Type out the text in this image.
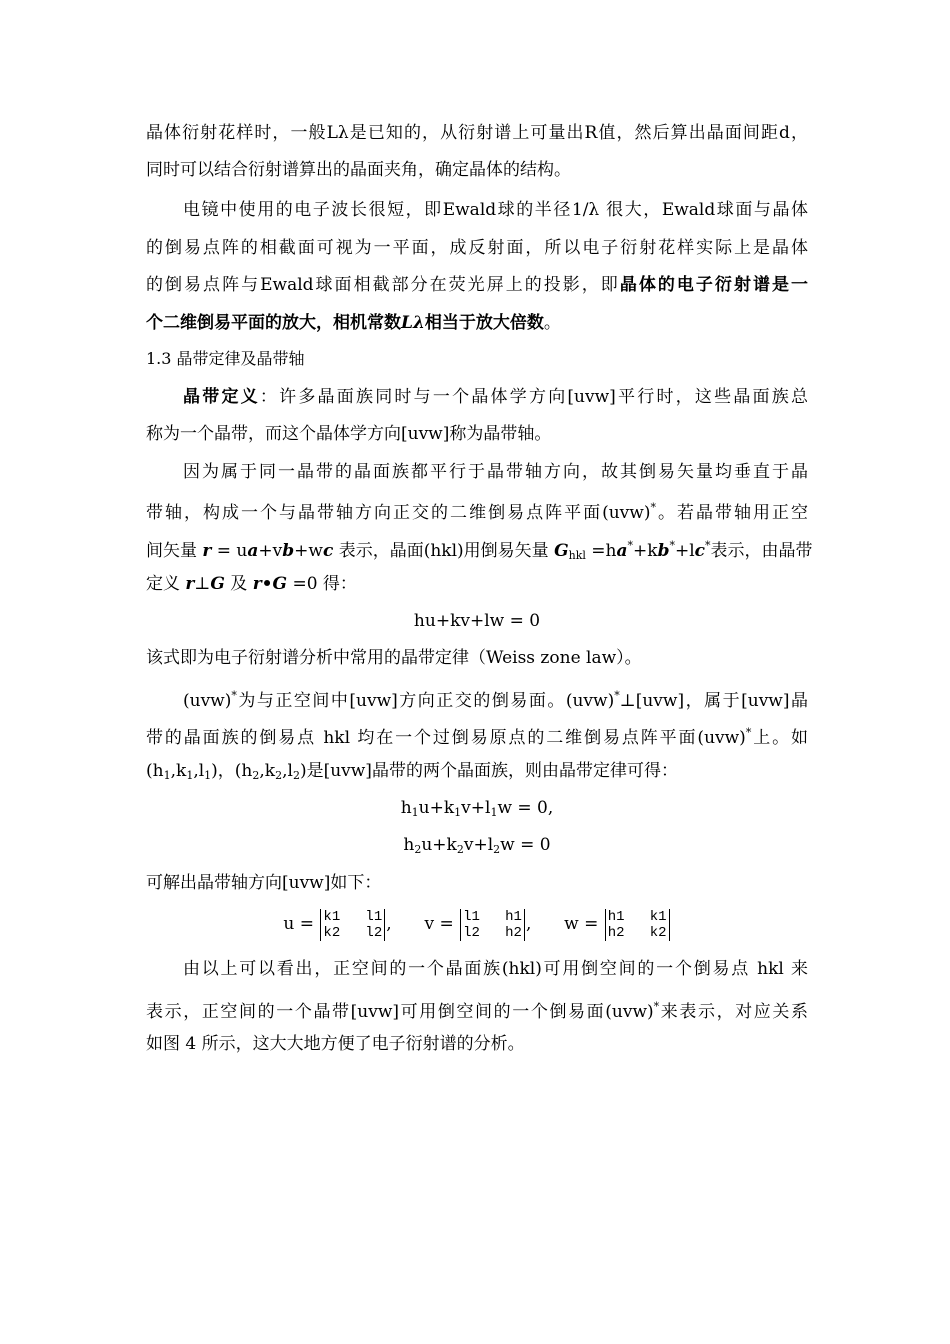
晶体衍射花样时，一般Lλ是已知的，从衍射谱上可量出R值，然后算出晶面间距d，
同时可以结合衍射谱算出的晶面夹角，确定晶体的结构。
电镜中使用的电子波长很短，即Ewald球的半径1/λ 很大，Ewald球面与晶体
的倒易点阵的相截面可视为一平面，成反射面，所以电子衍射花样实际上是晶体
的倒易点阵与Ewald球面相截部分在荧光屏上的投影，即晶体的电子衍射谱是一
个二维倒易平面的放大，相机常数Lλ相当于放大倍数。
1.3 晶带定律及晶带轴
晶带定义：许多晶面族同时与一个晶体学方向[uvw]平行时，这些晶面族总
称为一个晶带，而这个晶体学方向[uvw]称为晶带轴。
因为属于同一晶带的晶面族都平行于晶带轴方向，故其倒易矢量均垂直于晶
带轴，构成一个与晶带轴方向正交的二维倒易点阵平面(uvw)*。若晶带轴用正空
间矢量 r = ua+vb+wc 表示，晶面(hkl)用倒易矢量 $G_{hkl} =ha^*+kb^*+lc^*$表示，由晶带
定义 r⊥G 及 r•G =0 得：
hu+kv+lw = 0
该式即为电子衍射谱分析中常用的晶带定律（Weiss zone law）。
(uvw)*为与正空间中[uvw]方向正交的倒易面。(uvw)*⊥[uvw]，属于[uvw]晶
带的晶面族的倒易点 hkl 均在一个过倒易原点的二维倒易点阵平面(uvw)*上。如
$(h_1,k_1,l_1)$，$(h_2,k_2,l_2)$是[uvw]晶带的两个晶面族，则由晶带定律可得：
$h_1u+k_1v+l_1w = 0$,
$h_2u+k_2v+l_2w = 0$
可解出晶带轴方向[uvw]如下：
u = k1   l1
k2   l2 , v = l1   h1
l2   h2 , w = h1   k1
h2   k2
由以上可以看出，正空间的一个晶面族(hkl)可用倒空间的一个倒易点 hkl 来
表示，正空间的一个晶带[uvw]可用倒空间的一个倒易面(uvw)*来表示，对应关系
如图 4 所示，这大大地方便了电子衍射谱的分析。
